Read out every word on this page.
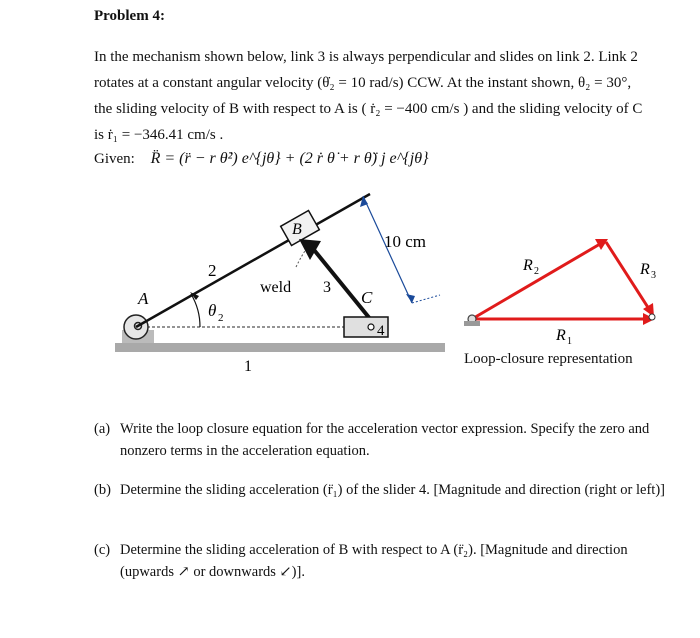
Problem 4:
In the mechanism shown below, link 3 is always perpendicular and slides on link 2. Link 2
rotates at a constant angular velocity (θ̇₂ = 10 rad/s) CCW. At the instant shown, θ₂ = 30°,
the sliding velocity of B with respect to A is ( ṙ₂ = −400 cm/s ) and the sliding velocity of C
is ṙ₁ = −346.41 cm/s .
Given: R̈ = (r̈ − r θ̇²) e^{jθ} + (2 ṙ θ̇ + r θ̈) j e^{jθ}
A
2
B
weld 3
C
4
10 cm
θ 2
1
R 2	R 3
R 1
Loop-closure representation
(a) Write the loop closure equation for the acceleration vector expression. Specify the zero and nonzero terms in the acceleration equation.
(b) Determine the sliding acceleration (r̈₁) of the slider 4. [Magnitude and direction (right or left)]
(c) Determine the sliding acceleration of B with respect to A (r̈₂). [Magnitude and direction (upwards ↗ or downwards ↙)].
